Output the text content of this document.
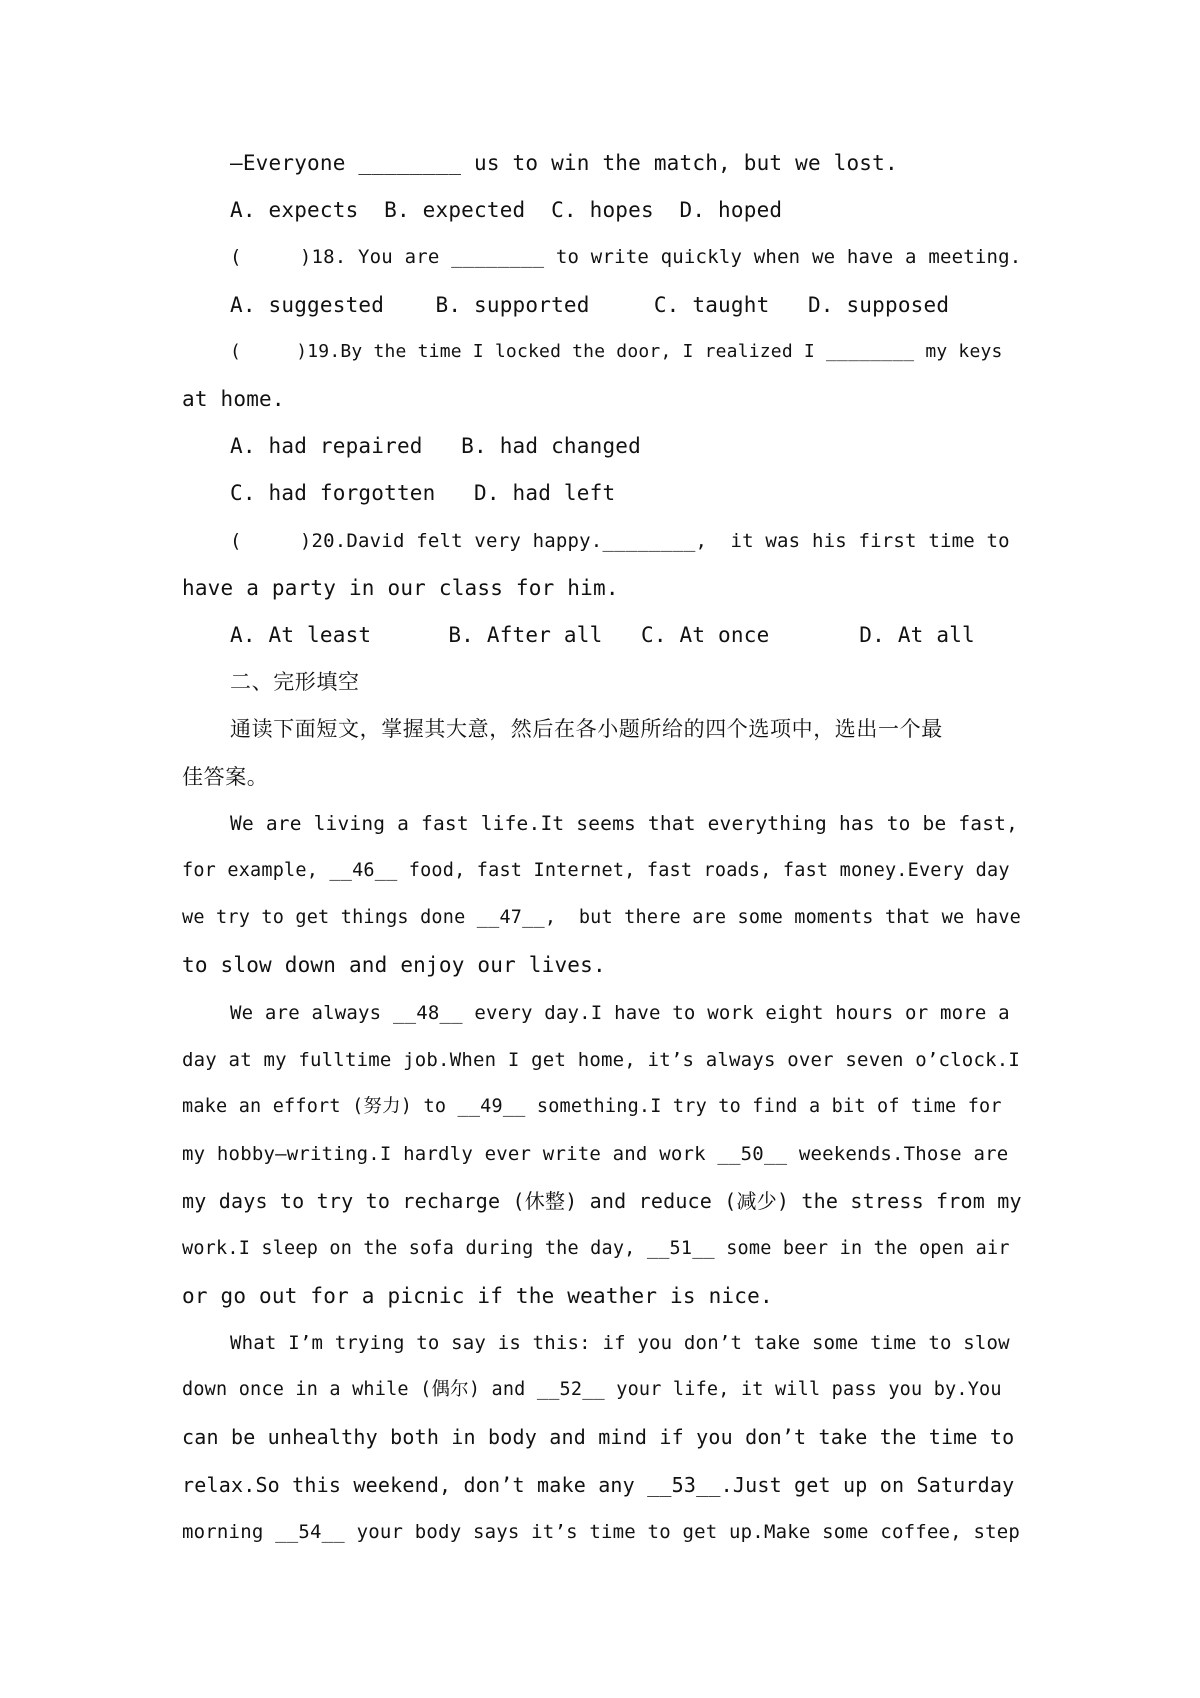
—Everyone ________ us to win the match, but we lost.
A. expects  B. expected  C. hopes  D. hoped
(     )18. You are ________ to write quickly when we have a meeting.
A. suggested    B. supported     C. taught   D. supposed
(     )19.By the time I locked the door, I realized I ________ my keys
at home.
A. had repaired   B. had changed
C. had forgotten   D. had left
(     )20.David felt very happy.________,  it was his first time to
have a party in our class for him.
A. At least      B. After all   C. At once       D. At all
二、完形填空
通读下面短文，掌握其大意，然后在各小题所给的四个选项中，选出一个最
佳答案。
We are living a fast life.It seems that everything has to be fast,
for example, __46__ food, fast Internet, fast roads, fast money.Every day
we try to get things done __47__,  but there are some moments that we have
to slow down and enjoy our lives.
We are always __48__ every day.I have to work eight hours or more a
day at my fulltime job.When I get home, it’s always over seven o’clock.I
make an effort (努力) to __49__ something.I try to find a bit of time for
my hobby—writing.I hardly ever write and work __50__ weekends.Those are
my days to try to recharge (休整) and reduce (减少) the stress from my
work.I sleep on the sofa during the day, __51__ some beer in the open air
or go out for a picnic if the weather is nice.
What I’m trying to say is this: if you don’t take some time to slow
down once in a while (偶尔) and __52__ your life, it will pass you by.You
can be unhealthy both in body and mind if you don’t take the time to
relax.So this weekend, don’t make any __53__.Just get up on Saturday
morning __54__ your body says it’s time to get up.Make some coffee, step
